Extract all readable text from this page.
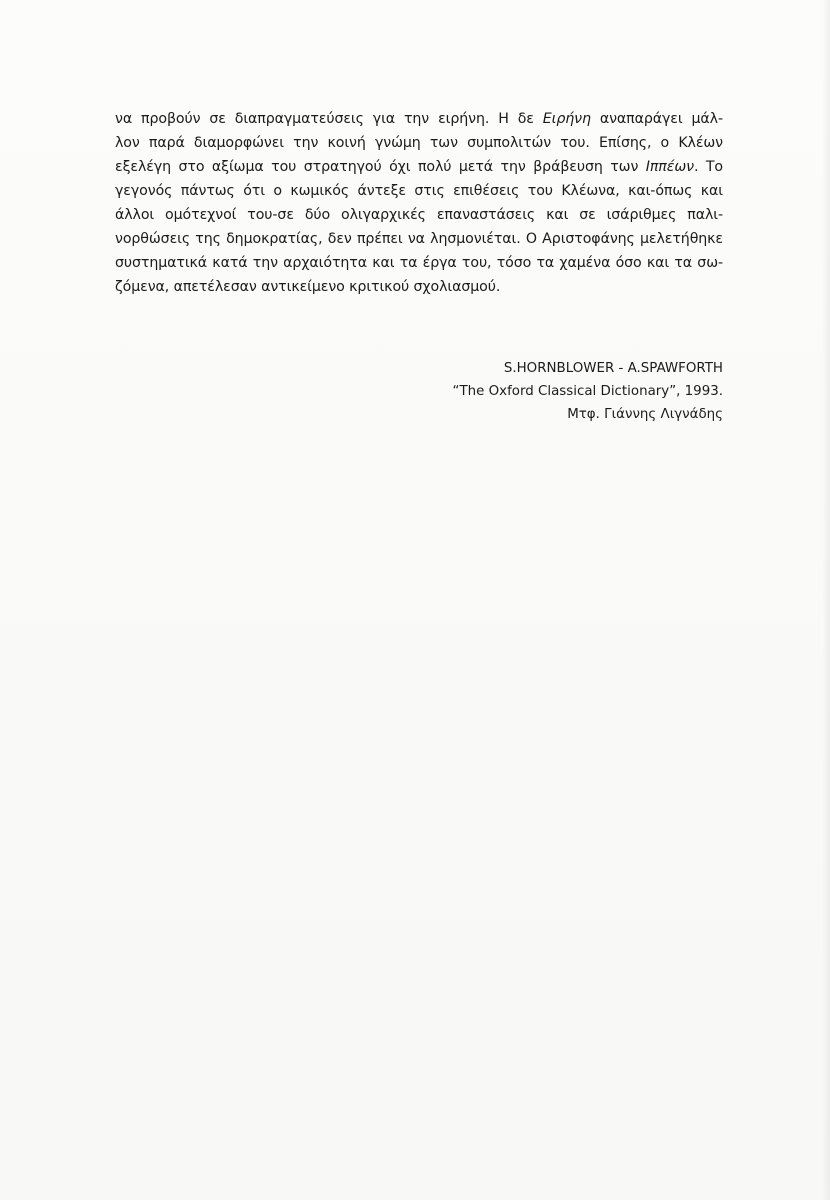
να προβούν σε διαπραγματεύσεις για την ειρήνη. Η δε Ειρήνη αναπαράγει μάλ-
λον παρά διαμορφώνει την κοινή γνώμη των συμπολιτών του. Επίσης, ο Κλέων
εξελέγη στο αξίωμα του στρατηγού όχι πολύ μετά την βράβευση των Ιππέων. Το
γεγονός πάντως ότι ο κωμικός άντεξε στις επιθέσεις του Κλέωνα, και-όπως και
άλλοι ομότεχνοί του-σε δύο ολιγαρχικές επαναστάσεις και σε ισάριθμες παλι-
νορθώσεις της δημοκρατίας, δεν πρέπει να λησμονιέται. Ο Αριστοφάνης μελετήθηκε
συστηματικά κατά την αρχαιότητα και τα έργα του, τόσο τα χαμένα όσο και τα σω-
ζόμενα, απετέλεσαν αντικείμενο κριτικού σχολιασμού.
S.HORNBLOWER - A.SPAWFORTH
“The Oxford Classical Dictionary”, 1993.
Μτφ. Γιάννης Λιγνάδης
